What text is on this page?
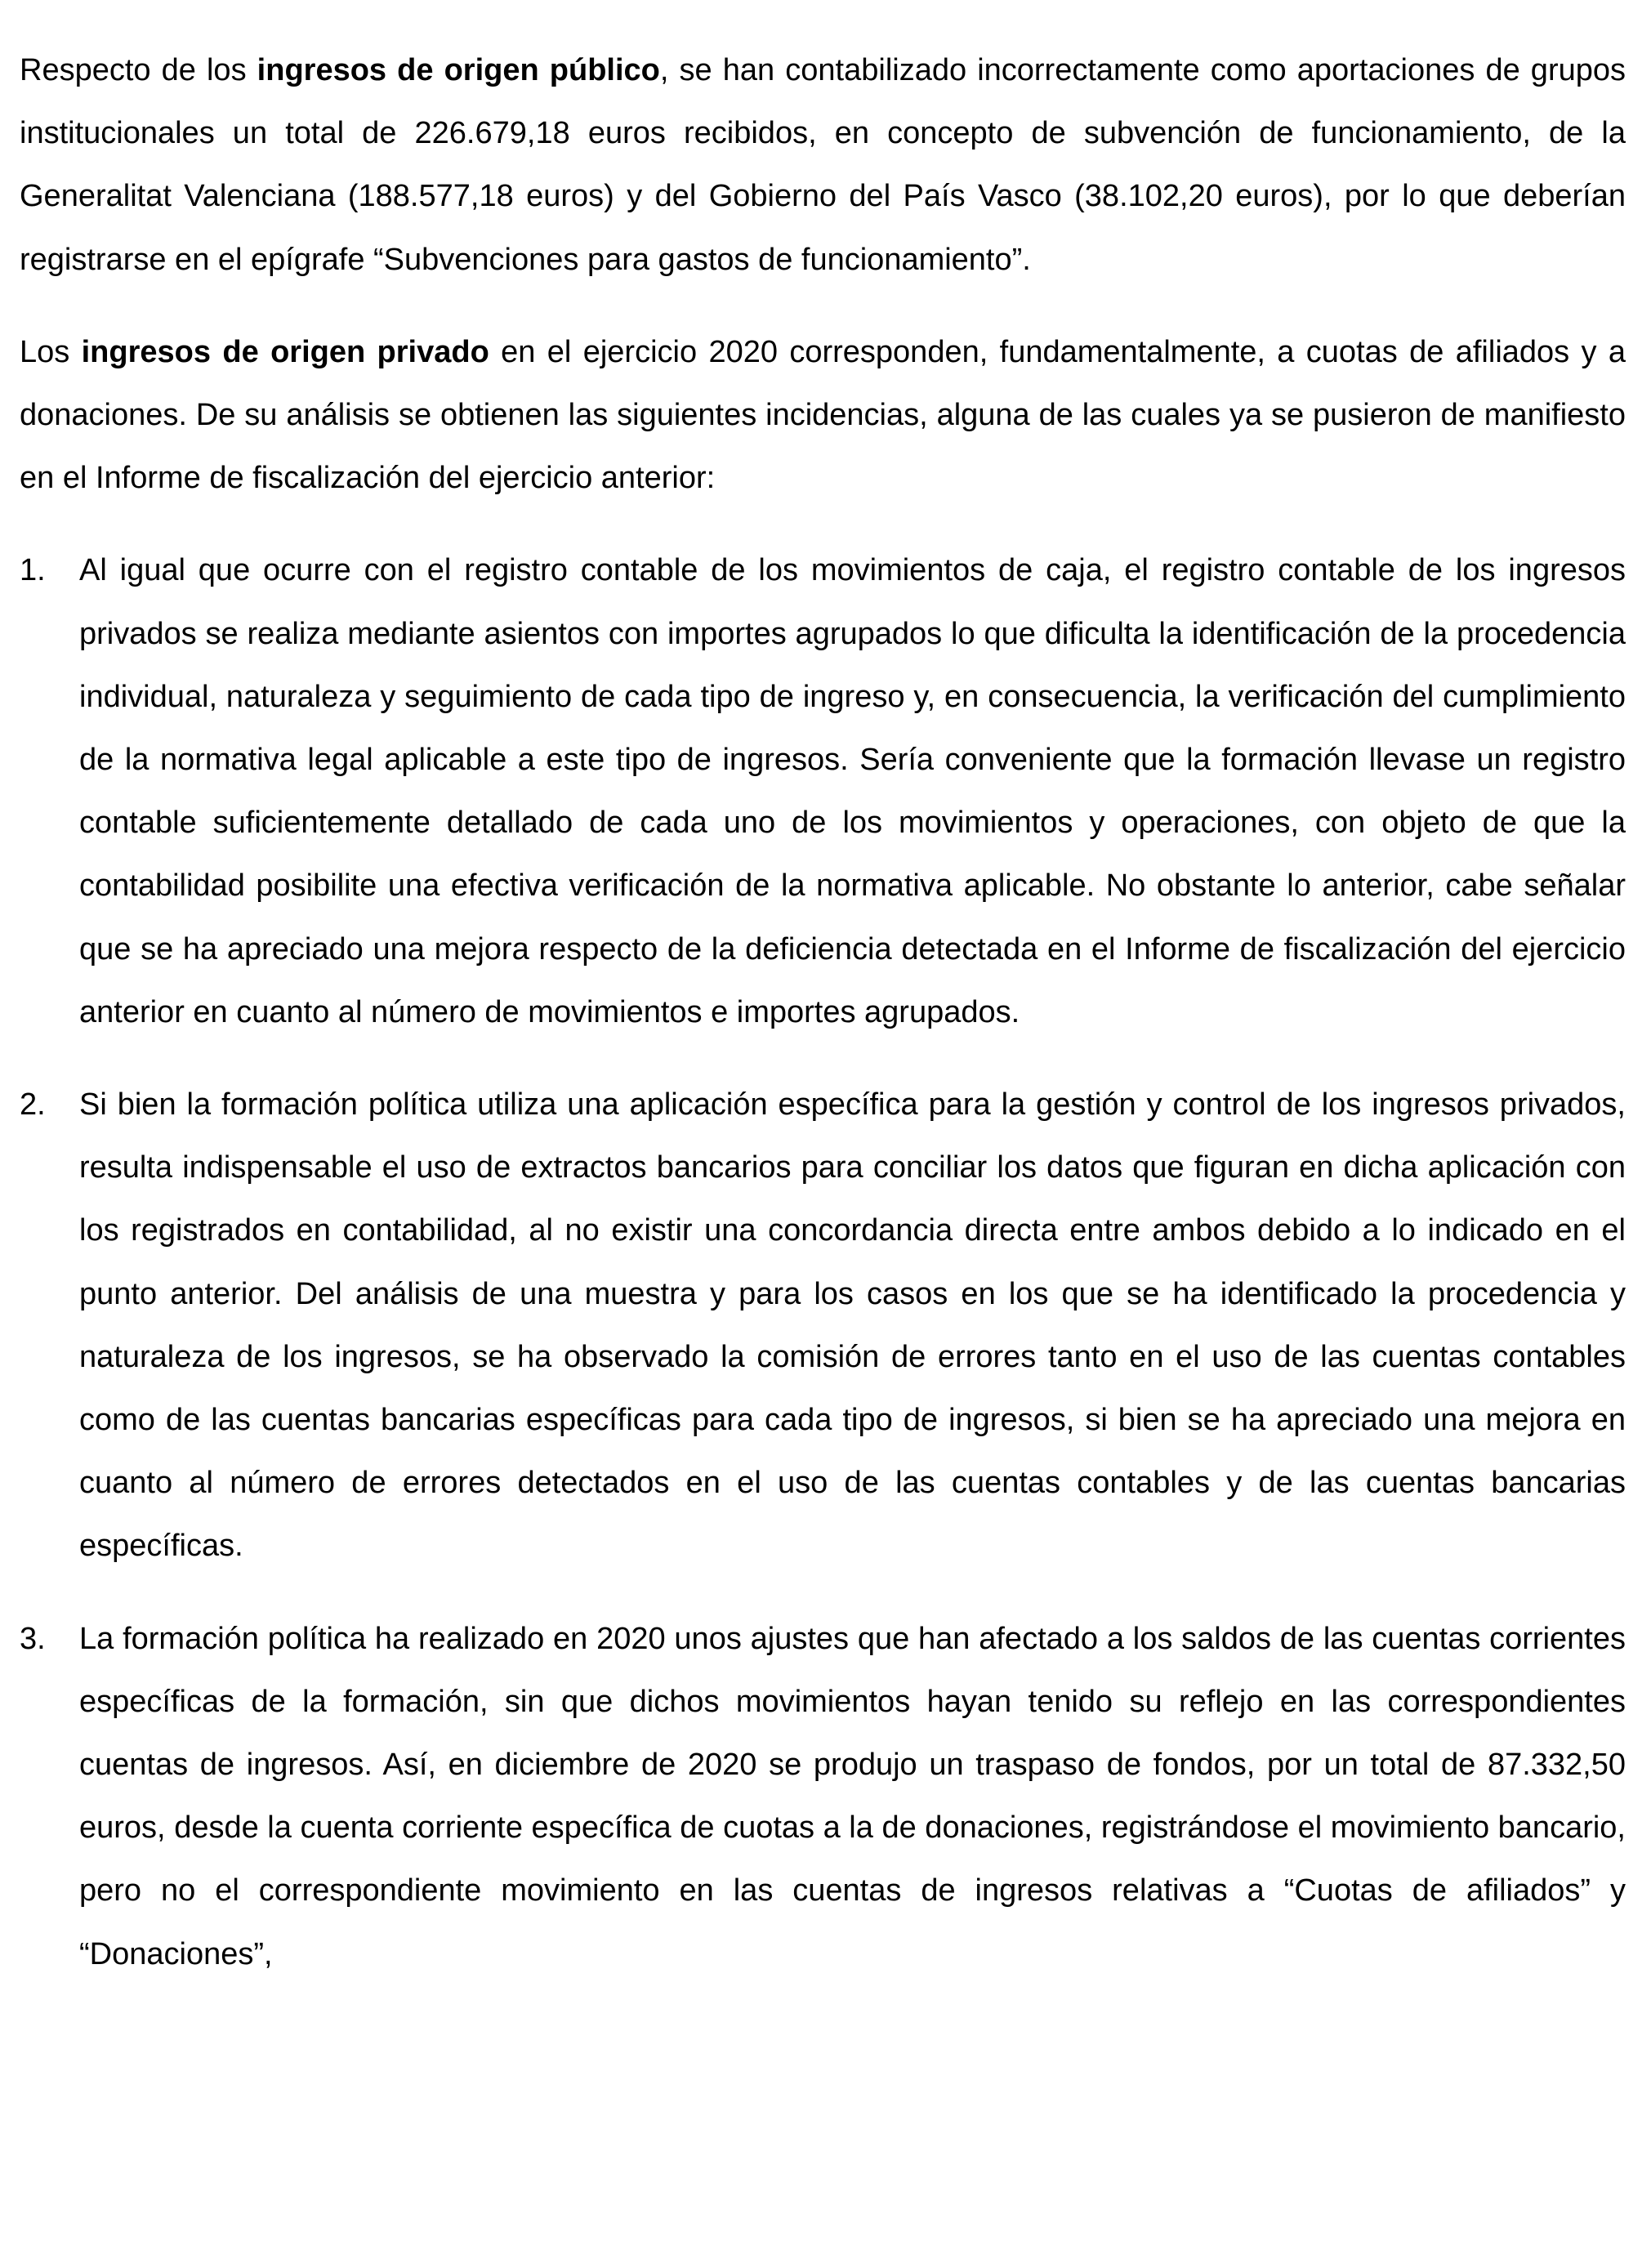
Respecto de los ingresos de origen público, se han contabilizado incorrectamente como aportaciones de grupos institucionales un total de 226.679,18 euros recibidos, en concepto de subvención de funcionamiento, de la Generalitat Valenciana (188.577,18 euros) y del Gobierno del País Vasco (38.102,20 euros), por lo que deberían registrarse en el epígrafe “Subvenciones para gastos de funcionamiento”.

Los ingresos de origen privado en el ejercicio 2020 corresponden, fundamentalmente, a cuotas de afiliados y a donaciones. De su análisis se obtienen las siguientes incidencias, alguna de las cuales ya se pusieron de manifiesto en el Informe de fiscalización del ejercicio anterior:

1. Al igual que ocurre con el registro contable de los movimientos de caja, el registro contable de los ingresos privados se realiza mediante asientos con importes agrupados lo que dificulta la identificación de la procedencia individual, naturaleza y seguimiento de cada tipo de ingreso y, en consecuencia, la verificación del cumplimiento de la normativa legal aplicable a este tipo de ingresos. Sería conveniente que la formación llevase un registro contable suficientemente detallado de cada uno de los movimientos y operaciones, con objeto de que la contabilidad posibilite una efectiva verificación de la normativa aplicable. No obstante lo anterior, cabe señalar que se ha apreciado una mejora respecto de la deficiencia detectada en el Informe de fiscalización del ejercicio anterior en cuanto al número de movimientos e importes agrupados.
2. Si bien la formación política utiliza una aplicación específica para la gestión y control de los ingresos privados, resulta indispensable el uso de extractos bancarios para conciliar los datos que figuran en dicha aplicación con los registrados en contabilidad, al no existir una concordancia directa entre ambos debido a lo indicado en el punto anterior. Del análisis de una muestra y para los casos en los que se ha identificado la procedencia y naturaleza de los ingresos, se ha observado la comisión de errores tanto en el uso de las cuentas contables como de las cuentas bancarias específicas para cada tipo de ingresos, si bien se ha apreciado una mejora en cuanto al número de errores detectados en el uso de las cuentas contables y de las cuentas bancarias específicas.
3. La formación política ha realizado en 2020 unos ajustes que han afectado a los saldos de las cuentas corrientes específicas de la formación, sin que dichos movimientos hayan tenido su reflejo en las correspondientes cuentas de ingresos. Así, en diciembre de 2020 se produjo un traspaso de fondos, por un total de 87.332,50 euros, desde la cuenta corriente específica de cuotas a la de donaciones, registrándose el movimiento bancario, pero no el correspondiente movimiento en las cuentas de ingresos relativas a “Cuotas de afiliados” y “Donaciones”,
